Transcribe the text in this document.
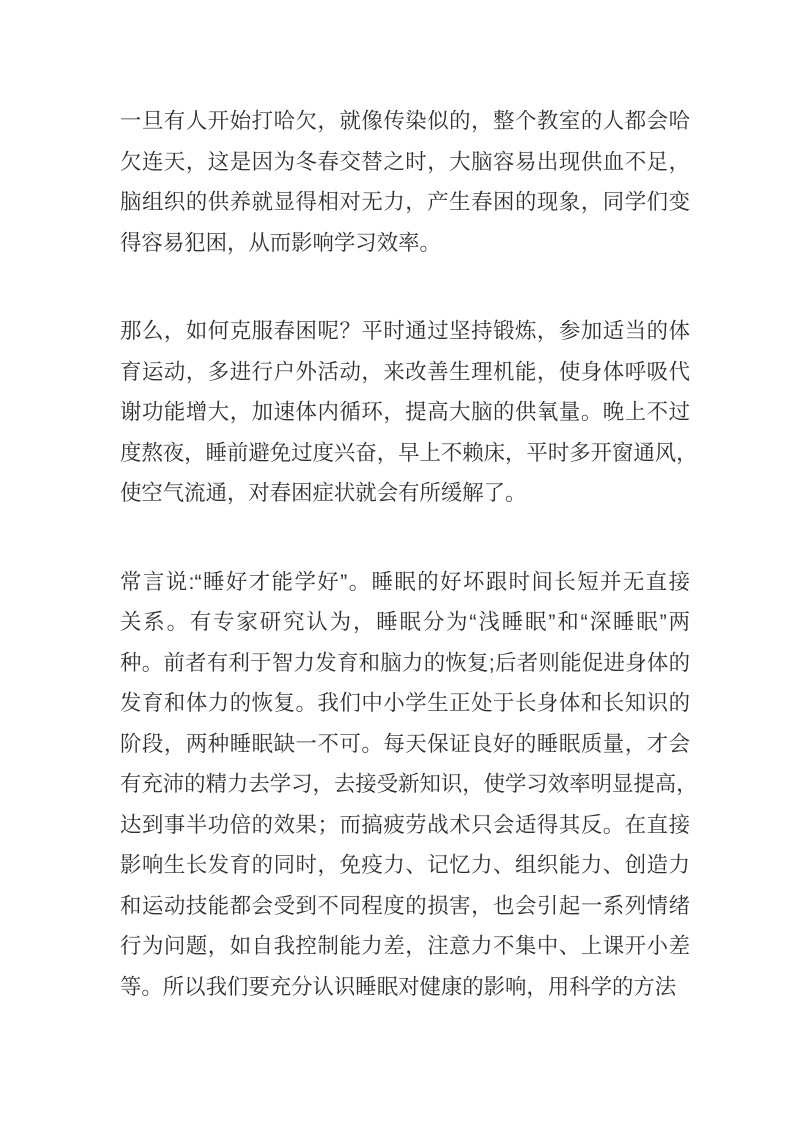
一旦有人开始打哈欠，就像传染似的，整个教室的人都会哈
欠连天，这是因为冬春交替之时，大脑容易出现供血不足，
脑组织的供养就显得相对无力，产生春困的现象，同学们变
得容易犯困，从而影响学习效率。
那么，如何克服春困呢？平时通过坚持锻炼，参加适当的体
育运动，多进行户外活动，来改善生理机能，使身体呼吸代
谢功能增大，加速体内循环，提高大脑的供氧量。晚上不过
度熬夜，睡前避免过度兴奋，早上不赖床，平时多开窗通风，
使空气流通，对春困症状就会有所缓解了。
常言说:“睡好才能学好”。睡眠的好坏跟时间长短并无直接
关系。有专家研究认为，睡眠分为“浅睡眠”和“深睡眠”两
种。前者有利于智力发育和脑力的恢复;后者则能促进身体的
发育和体力的恢复。我们中小学生正处于长身体和长知识的
阶段，两种睡眠缺一不可。每天保证良好的睡眠质量，才会
有充沛的精力去学习，去接受新知识，使学习效率明显提高，
达到事半功倍的效果；而搞疲劳战术只会适得其反。在直接
影响生长发育的同时，免疫力、记忆力、组织能力、创造力
和运动技能都会受到不同程度的损害，也会引起一系列情绪
行为问题，如自我控制能力差，注意力不集中、上课开小差
等。所以我们要充分认识睡眠对健康的影响，用科学的方法
